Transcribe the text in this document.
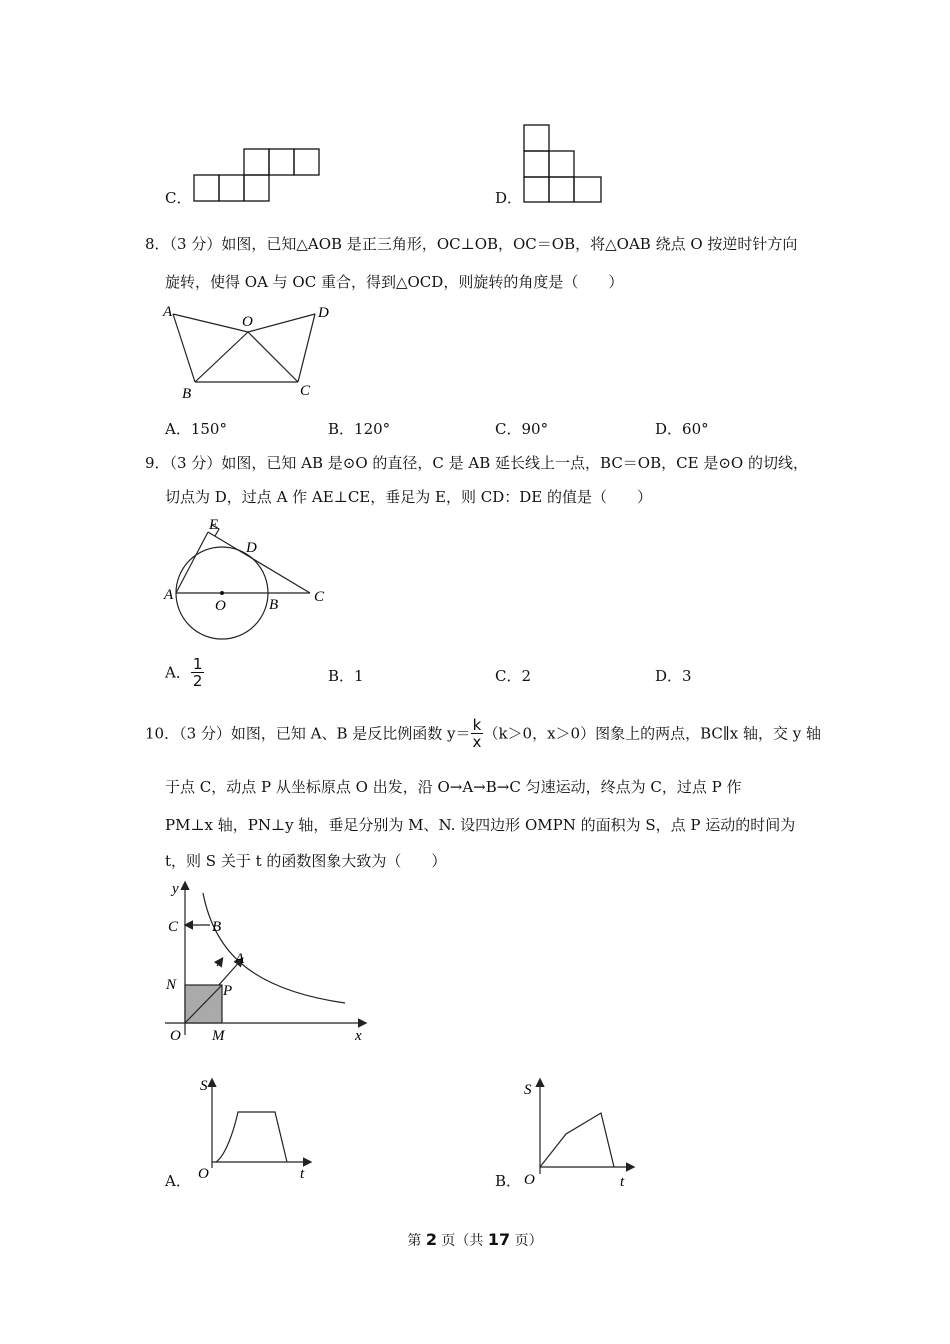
C．	D．
8．（3 分）如图，已知△AOB 是正三角形，OC⊥OB，OC＝OB，将△OAB 绕点 O 按逆时针方向
旋转，使得 OA 与 OC 重合，得到△OCD，则旋转的角度是（　　）
A
O
D
B	C
A．150°	B．120°	C．90°	D．60°
9．（3 分）如图，已知 AB 是⊙O 的直径，C 是 AB 延长线上一点，BC＝OB，CE 是⊙O 的切线，
切点为 D，过点 A 作 AE⊥CE，垂足为 E，则 CD：DE 的值是（　　）
E
D
A
O	B C
A． $\frac{1}{2}$	B．1	C．2	D．3
10．（3 分）如图，已知 A、B 是反比例函数 $y= \frac{k}{x} (k>0$，x＞0）图象上的两点，BC∥x 轴，交 y 轴
于点 C，动点 P 从坐标原点 O 出发，沿 O→A→B→C 匀速运动，终点为 C，过点 P 作
PM⊥x 轴，PN⊥y 轴，垂足分别为 M、N. 设四边形 OMPN 的面积为 S，点 P 运动的时间为
t，则 S 关于 t 的函数图象大致为（　　）
y
C B
A
N	P
O M	x
A．
S
O	t	B．
S
O	t
第 2 页（共 17 页）
